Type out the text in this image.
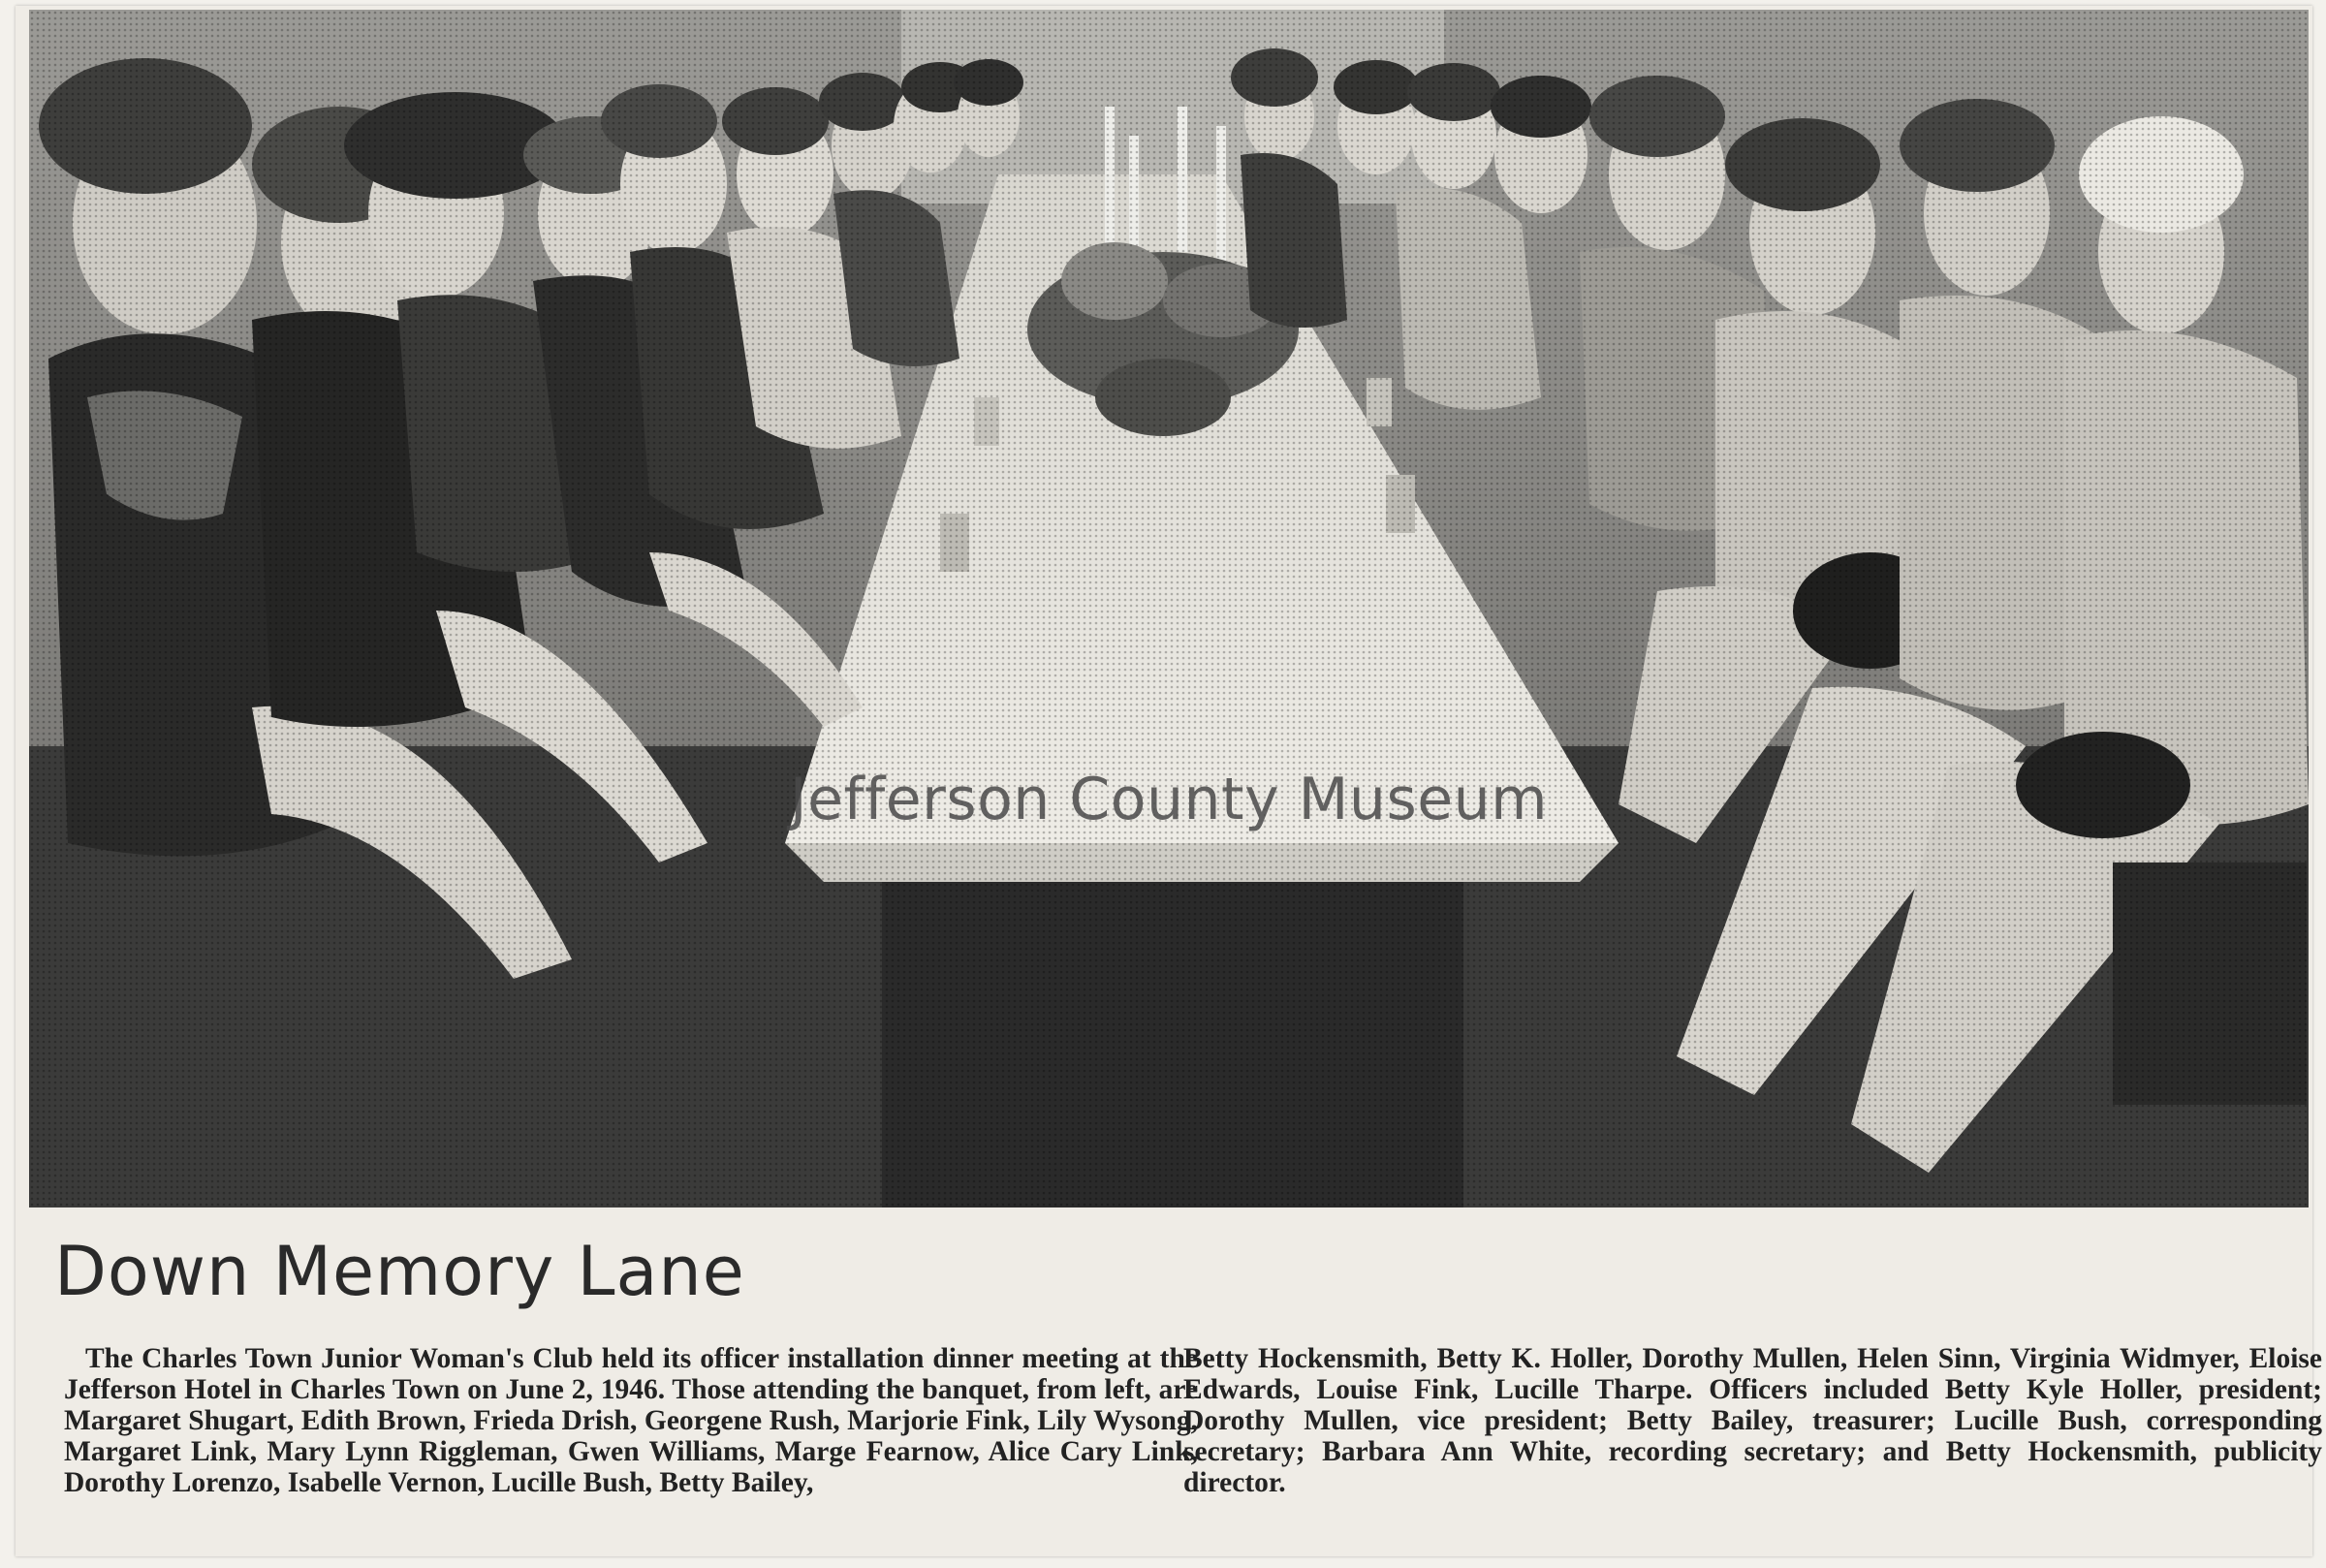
Jefferson County Museum
Down Memory Lane

The Charles Town Junior Woman's Club held its officer installation dinner meeting at the Jefferson Hotel in Charles Town on June 2, 1946. Those attending the banquet, from left, are Margaret Shugart, Edith Brown, Frieda Drish, Georgene Rush, Marjorie Fink, Lily Wysong, Margaret Link, Mary Lynn Riggleman, Gwen Williams, Marge Fearnow, Alice Cary Link, Dorothy Lorenzo, Isabelle Vernon, Lucille Bush, Betty Bailey,

Betty Hockensmith, Betty K. Holler, Dorothy Mullen, Helen Sinn, Virginia Widmyer, Eloise Edwards, Louise Fink, Lucille Tharpe. Officers included Betty Kyle Holler, president; Dorothy Mullen, vice president; Betty Bailey, treasurer; Lucille Bush, corresponding secretary; Barbara Ann White, recording secretary; and Betty Hockensmith, publicity director.
